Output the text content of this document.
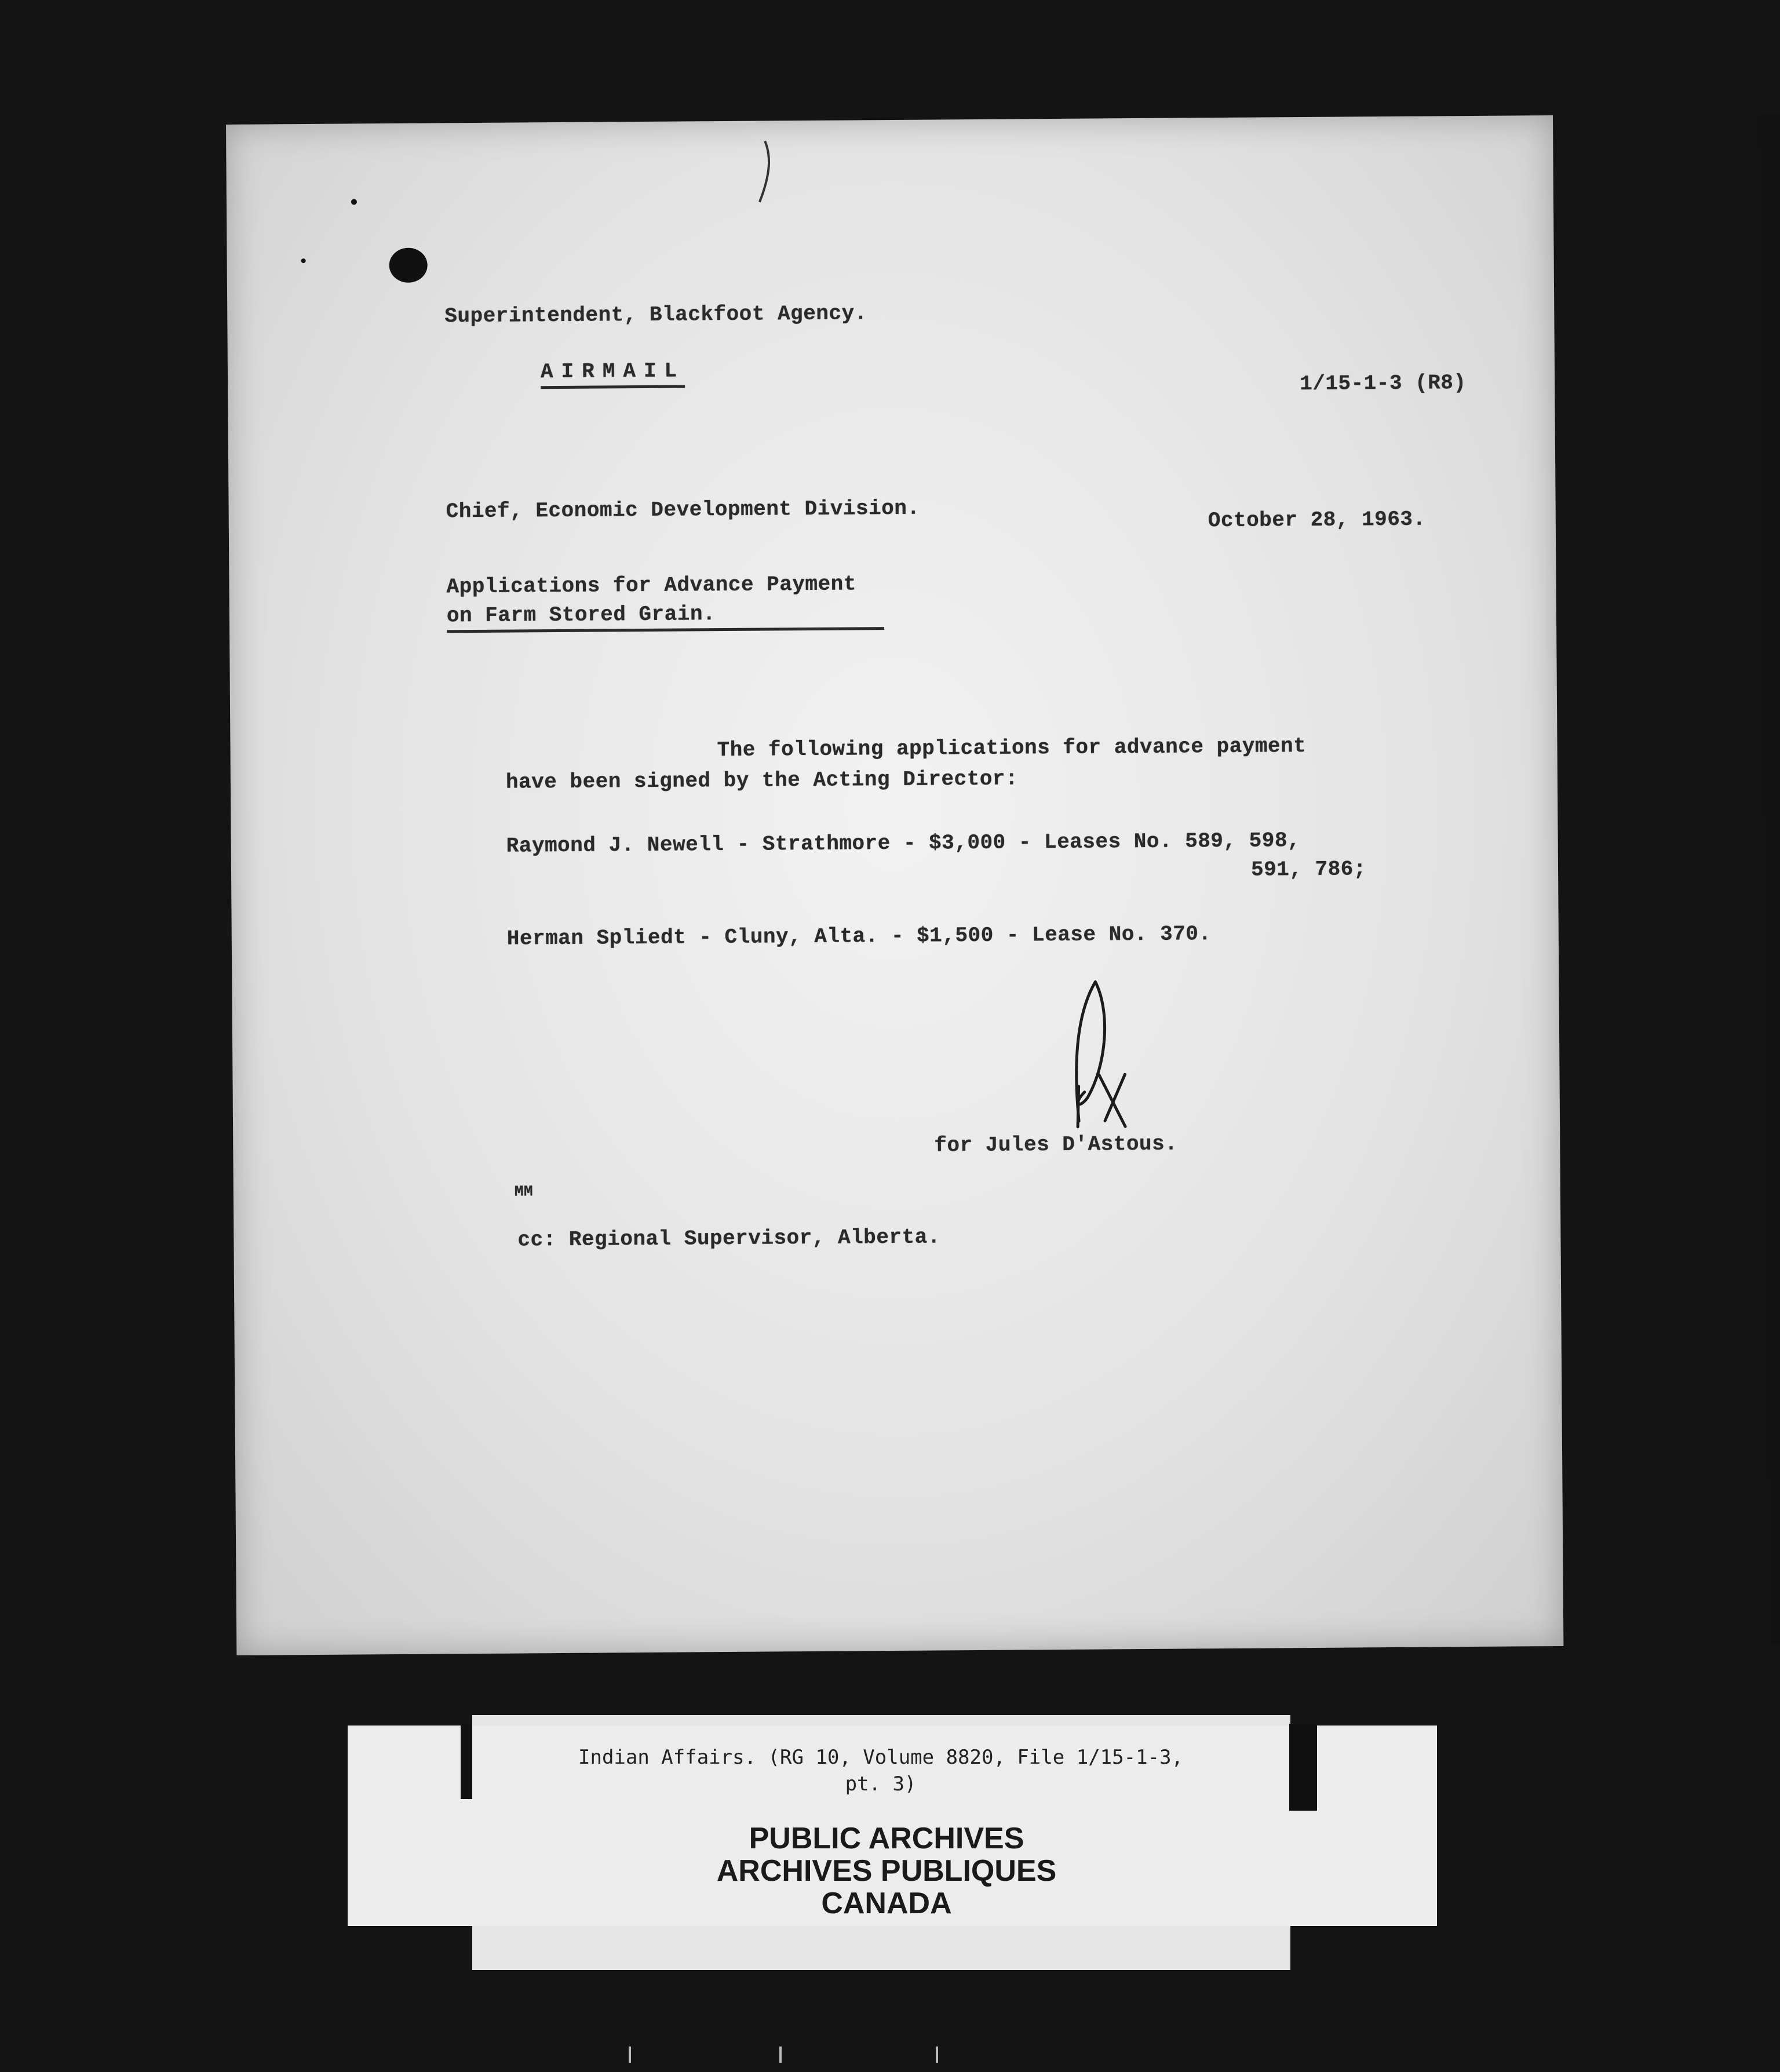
Superintendent, Blackfoot Agency.
AIRMAIL	1/15-1-3 (R8)
Chief, Economic Development Division.	October 28, 1963.
Applications for Advance Payment
on Farm Stored Grain.
The following applications for advance payment
have been signed by the Acting Director:
Raymond J. Newell - Strathmore - $3,000 - Leases No. 589, 598,
591, 786;
Herman Spliedt - Cluny, Alta. - $1,500 - Lease No. 370.
for Jules D'Astous.
MM
cc: Regional Supervisor, Alberta.
Indian Affairs. (RG 10, Volume 8820, File 1/15-1-3,
pt. 3)
PUBLIC ARCHIVES
ARCHIVES PUBLIQUES
CANADA
